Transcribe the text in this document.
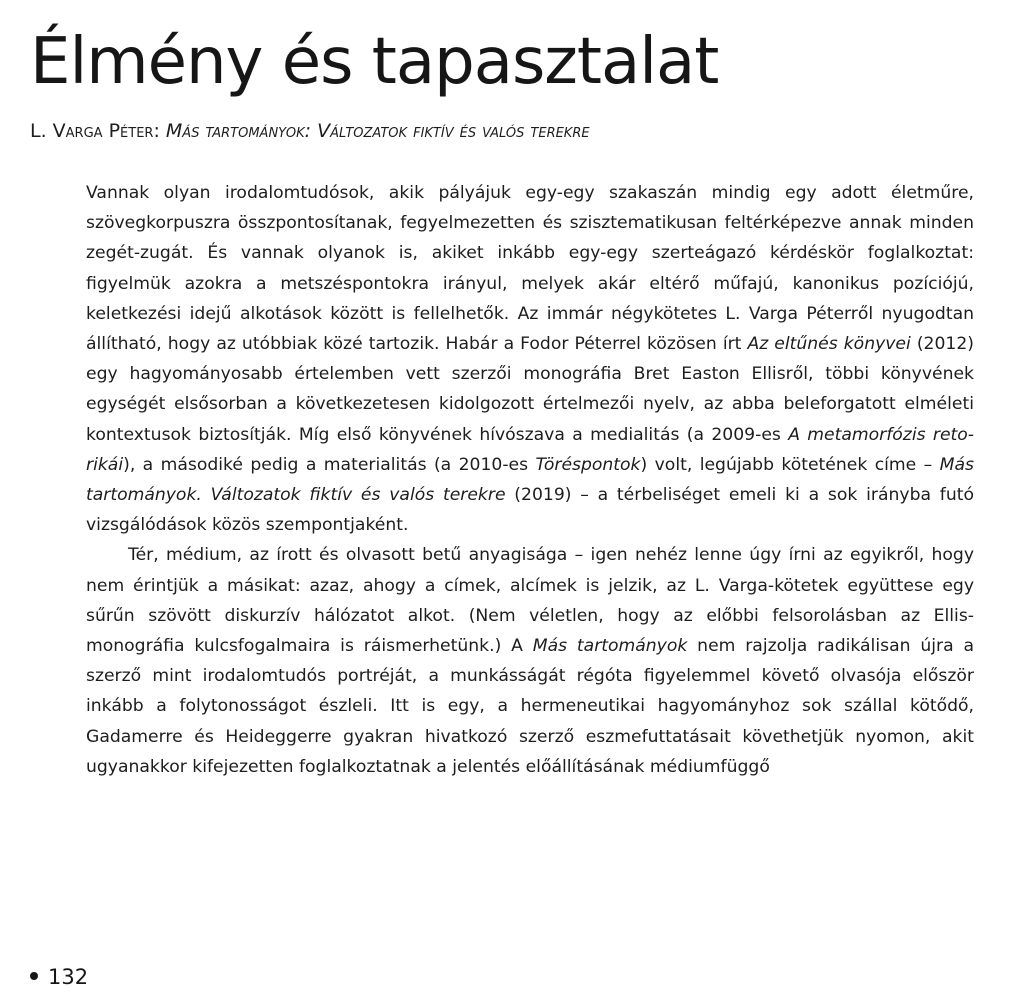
Élmény és tapasztalat
L. Varga Péter: Más tartományok: Változatok fiktív és valós terekre

Vannak olyan irodalomtudósok, akik pályájuk egy-egy szakaszán mindig egy adott életműre, szövegkorpuszra összpontosítanak, fegyelmezetten és szisztematikusan feltérképezve annak minden zegét-zugát. És vannak olyanok is, akiket inkább egy-egy szerteágazó kérdéskör foglalkoztat: figyelmük azokra a metszéspontokra irányul, melyek akár eltérő műfajú, kanonikus pozíciójú, keletkezési idejű alkotások között is fellelhetők. Az immár négykötetes L. Varga Péterről nyugodtan állítható, hogy az utóbbiak közé tartozik. Habár a Fodor Péterrel közösen írt Az eltűnés könyvei (2012) egy hagyományosabb értelemben vett szerzői monográfia Bret Easton Ellisről, többi könyvének egységét elsősorban a következetesen kidolgozott értelmezői nyelv, az abba beleforgatott elméleti kontextusok biztosítják. Míg első könyvének hívószava a medialitás (a 2009-es A metamorfózis retorikái), a másodiké pedig a materialitás (a 2010-es Töréspontok) volt, legújabb kötetének címe – Más tartományok. Változatok fiktív és valós terekre (2019) – a térbeliséget emeli ki a sok irányba futó vizsgálódások közös szempontjaként.

Tér, médium, az írott és olvasott betű anyagisága – igen nehéz lenne úgy írni az egyikről, hogy nem érintjük a másikat: azaz, ahogy a címek, alcímek is jelzik, az L. Varga-kötetek együttese egy sűrűn szövött diskurzív hálózatot alkot. (Nem véletlen, hogy az előbbi felsorolásban az Ellis-monográfia kulcsfogalmaira is ráismerhetünk.) A Más tartományok nem rajzolja radikálisan újra a szerző mint irodalomtudós portréját, a munkásságát régóta figyelemmel követő olvasója először inkább a folytonosságot észleli. Itt is egy, a hermeneutikai hagyományhoz sok szállal kötődő, Gadamerre és Heideggerre gyakran hivatkozó szerző eszmefuttatásait követhetjük nyomon, akit ugyanakkor kifejezetten foglalkoztatnak a jelentés előállításának médiumfüggő

132
